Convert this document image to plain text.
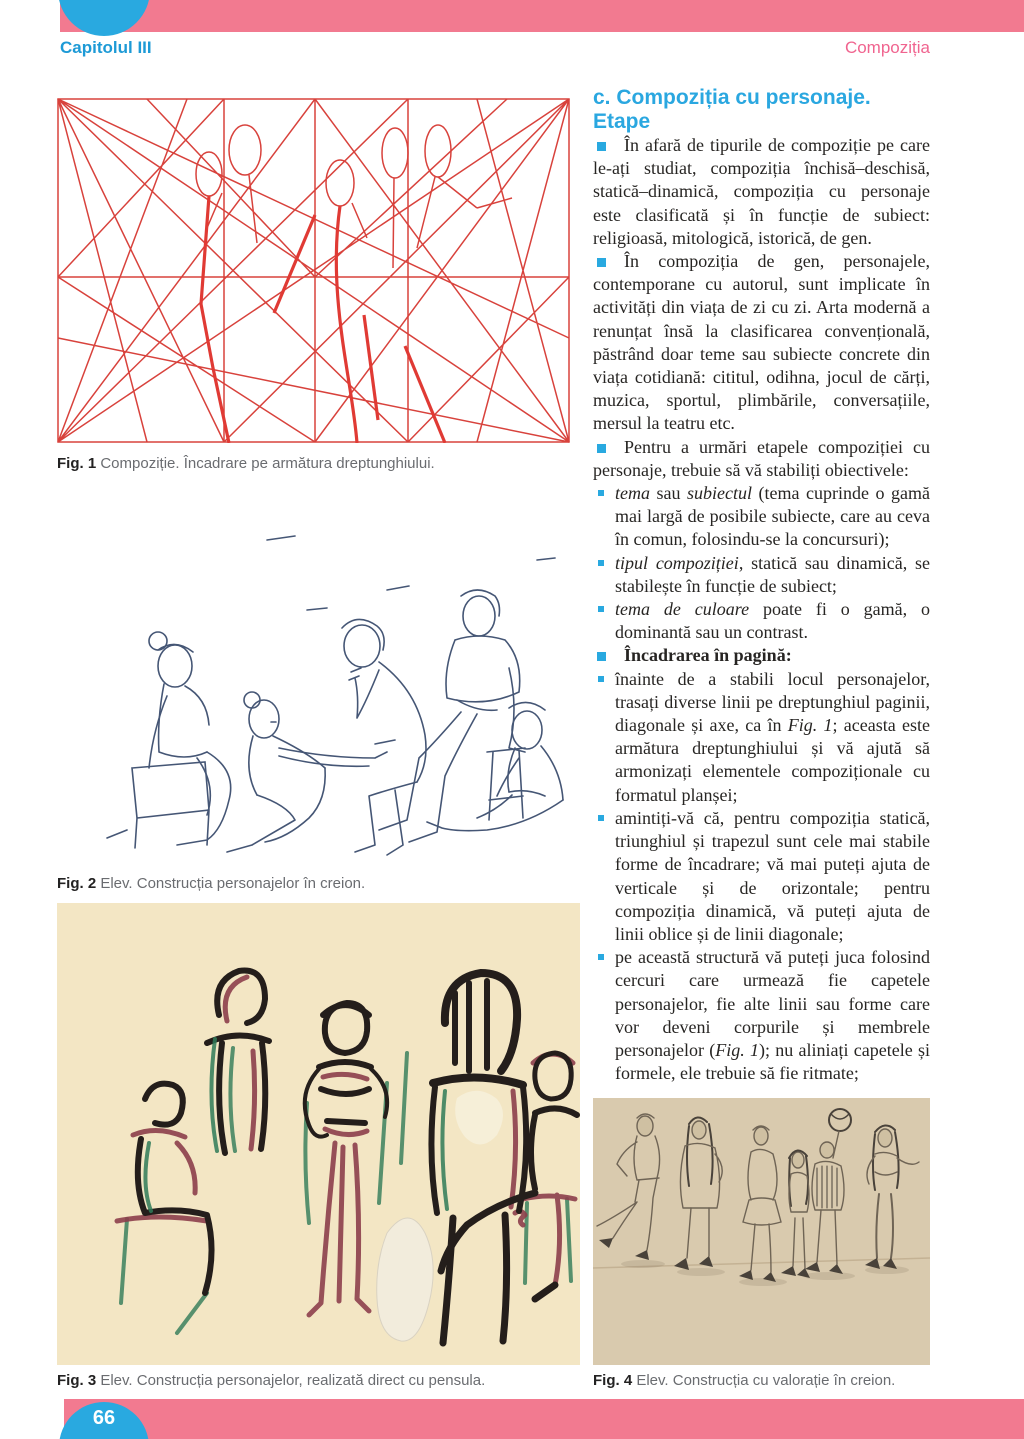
Capitolul III	Compoziția
Fig. 1 Compoziție. Încadrare pe armătura dreptunghiului.
Fig. 2 Elev. Construcția personajelor în creion.
Fig. 3 Elev. Construcția personajelor, realizată direct cu pensula.
c. Compoziția cu personaje. Etape
În afară de tipurile de compoziție pe care le-ați studiat, compoziția închisă–deschisă, statică–dinamică, compoziția cu personaje este clasificată și în funcție de subiect: religioasă, mitologică, istorică, de gen.
În compoziția de gen, personajele, contemporane cu autorul, sunt implicate în activități din viața de zi cu zi. Arta modernă a renunțat însă la clasificarea convențională, păstrând doar teme sau subiecte concrete din viața cotidiană: cititul, odihna, jocul de cărți, muzica, sportul, plimbările, conversațiile, mersul la teatru etc.
Pentru a urmări etapele compoziției cu personaje, trebuie să vă stabiliți obiectivele:
tema sau subiectul (tema cuprinde o gamă mai largă de posibile subiecte, care au ceva în comun, folosindu-se la concursuri);
tipul compoziției, statică sau dinamică, se stabilește în funcție de subiect;
tema de culoare poate fi o gamă, o dominantă sau un contrast.
Încadrarea în pagină:
înainte de a stabili locul personajelor, trasați diverse linii pe dreptunghiul paginii, diagonale și axe, ca în Fig. 1; aceasta este armătura dreptunghiului și vă ajută să armonizați elementele compoziționale cu formatul planșei;
amintiți-vă că, pentru compoziția statică, triunghiul și trapezul sunt cele mai stabile forme de încadrare; vă mai puteți ajuta de verticale și de orizontale; pentru compoziția dinamică, vă puteți ajuta de linii oblice și de linii diagonale;
pe această structură vă puteți juca folosind cercuri care urmează fie capetele personajelor, fie alte linii sau forme care vor deveni corpurile și membrele personajelor (Fig. 1); nu aliniați capetele și formele, ele trebuie să fie ritmate;
Fig. 4 Elev. Construcția cu valorație în creion.
66
